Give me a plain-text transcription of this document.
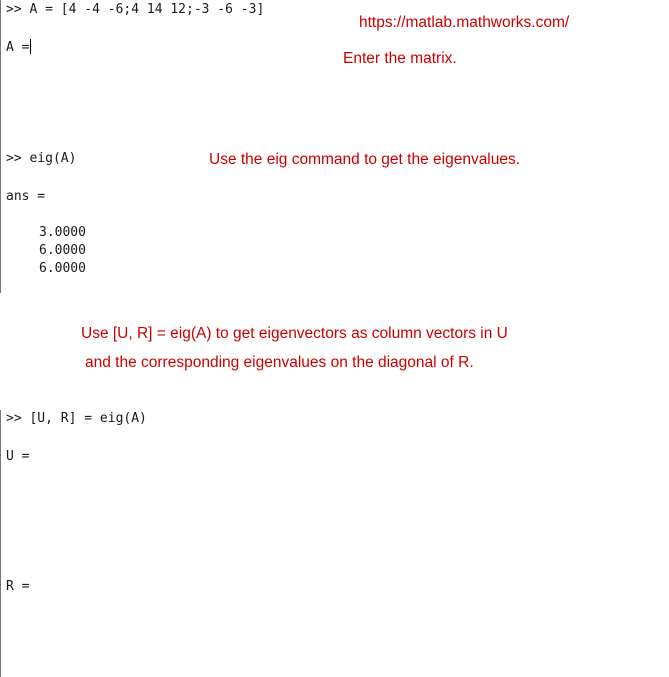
>> A = [4 -4 -6;4 14 12;-3 -6 -3]
A =
>> eig(A)
ans =
3.0000
6.0000
6.0000
https://matlab.mathworks.com/
Enter the matrix.
Use the eig command to get the eigenvalues.
Use [U, R] = eig(A) to get eigenvectors as column vectors in U
and the corresponding eigenvalues on the diagonal of R.
>> [U, R] = eig(A)
U =
R =
